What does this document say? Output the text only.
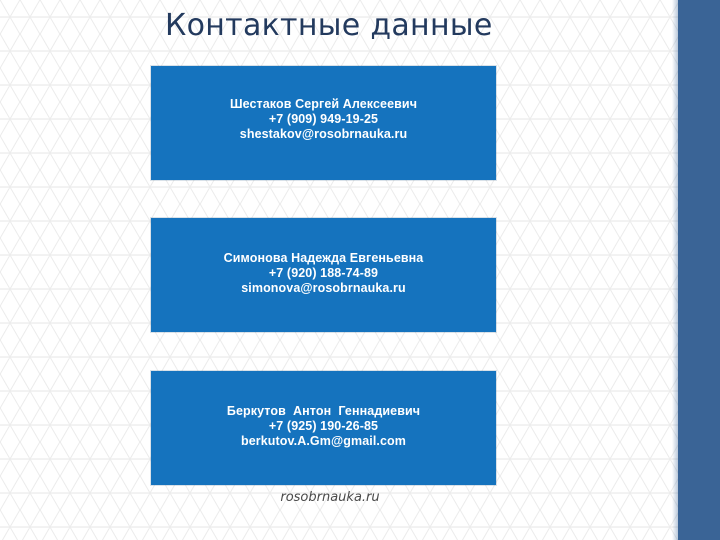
Контактные данные
Шестаков Сергей Алексеевич
+7 (909) 949-19-25
shestakov@rosobrnauka.ru
Симонова Надежда Евгеньевна
+7 (920) 188-74-89
simonova@rosobrnauka.ru
Беркутов  Антон  Геннадиевич
+7 (925) 190-26-85
berkutov.A.Gm@gmail.com
rosobrnauka.ru
